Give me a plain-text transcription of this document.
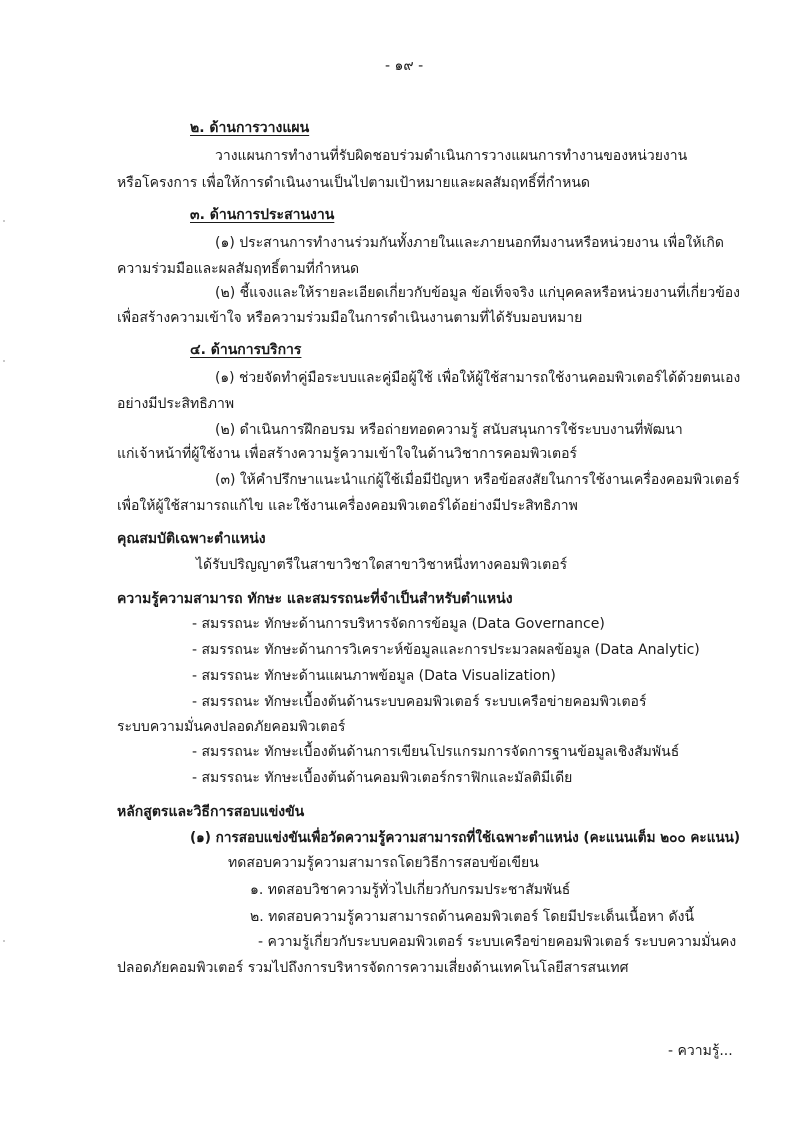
- ๑๙ -
๒. ด้านการวางแผน
วางแผนการทำงานที่รับผิดชอบร่วมดำเนินการวางแผนการทำงานของหน่วยงาน
หรือโครงการ เพื่อให้การดำเนินงานเป็นไปตามเป้าหมายและผลสัมฤทธิ์ที่กำหนด
๓. ด้านการประสานงาน
(๑) ประสานการทำงานร่วมกันทั้งภายในและภายนอกทีมงานหรือหน่วยงาน เพื่อให้เกิด
ความร่วมมือและผลสัมฤทธิ์ตามที่กำหนด
(๒) ชี้แจงและให้รายละเอียดเกี่ยวกับข้อมูล ข้อเท็จจริง แก่บุคคลหรือหน่วยงานที่เกี่ยวข้อง
เพื่อสร้างความเข้าใจ หรือความร่วมมือในการดำเนินงานตามที่ได้รับมอบหมาย
๔. ด้านการบริการ
(๑) ช่วยจัดทำคู่มือระบบและคู่มือผู้ใช้ เพื่อให้ผู้ใช้สามารถใช้งานคอมพิวเตอร์ได้ด้วยตนเอง
อย่างมีประสิทธิภาพ
(๒) ดำเนินการฝึกอบรม หรือถ่ายทอดความรู้ สนับสนุนการใช้ระบบงานที่พัฒนา
แก่เจ้าหน้าที่ผู้ใช้งาน เพื่อสร้างความรู้ความเข้าใจในด้านวิชาการคอมพิวเตอร์
(๓) ให้คำปรึกษาแนะนำแก่ผู้ใช้เมื่อมีปัญหา หรือข้อสงสัยในการใช้งานเครื่องคอมพิวเตอร์
เพื่อให้ผู้ใช้สามารถแก้ไข และใช้งานเครื่องคอมพิวเตอร์ได้อย่างมีประสิทธิภาพ
คุณสมบัติเฉพาะตำแหน่ง
ได้รับปริญญาตรีในสาขาวิชาใดสาขาวิชาหนึ่งทางคอมพิวเตอร์
ความรู้ความสามารถ ทักษะ และสมรรถนะที่จำเป็นสำหรับตำแหน่ง
- สมรรถนะ ทักษะด้านการบริหารจัดการข้อมูล (Data Governance)
- สมรรถนะ ทักษะด้านการวิเคราะห์ข้อมูลและการประมวลผลข้อมูล (Data Analytic)
- สมรรถนะ ทักษะด้านแผนภาพข้อมูล (Data Visualization)
- สมรรถนะ ทักษะเบื้องต้นด้านระบบคอมพิวเตอร์ ระบบเครือข่ายคอมพิวเตอร์
ระบบความมั่นคงปลอดภัยคอมพิวเตอร์
- สมรรถนะ ทักษะเบื้องต้นด้านการเขียนโปรแกรมการจัดการฐานข้อมูลเชิงสัมพันธ์
- สมรรถนะ ทักษะเบื้องต้นด้านคอมพิวเตอร์กราฟิกและมัลติมีเดีย
หลักสูตรและวิธีการสอบแข่งขัน
(๑) การสอบแข่งขันเพื่อวัดความรู้ความสามารถที่ใช้เฉพาะตำแหน่ง (คะแนนเต็ม ๒๐๐ คะแนน)
ทดสอบความรู้ความสามารถโดยวิธีการสอบข้อเขียน
๑. ทดสอบวิชาความรู้ทั่วไปเกี่ยวกับกรมประชาสัมพันธ์
๒. ทดสอบความรู้ความสามารถด้านคอมพิวเตอร์ โดยมีประเด็นเนื้อหา ดังนี้
- ความรู้เกี่ยวกับระบบคอมพิวเตอร์ ระบบเครือข่ายคอมพิวเตอร์ ระบบความมั่นคง
ปลอดภัยคอมพิวเตอร์ รวมไปถึงการบริหารจัดการความเสี่ยงด้านเทคโนโลยีสารสนเทศ
- ความรู้...
